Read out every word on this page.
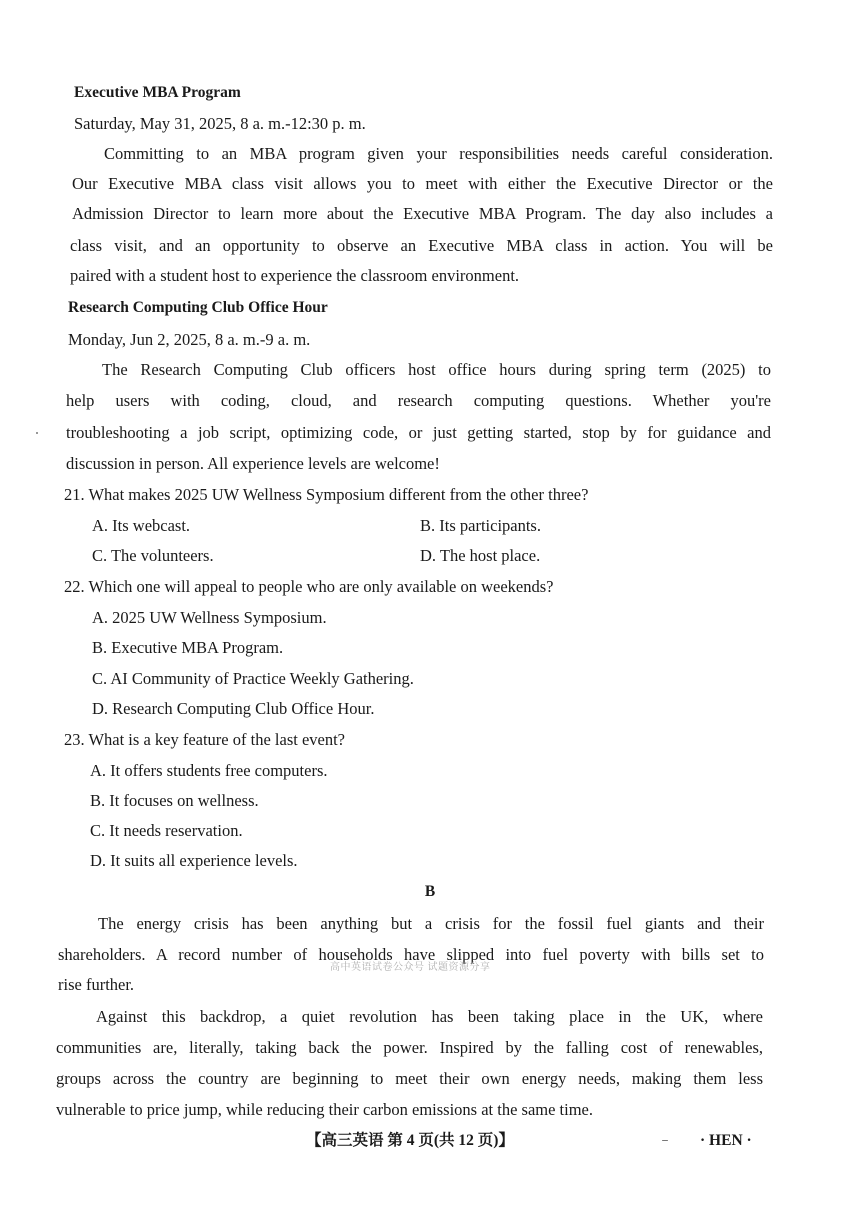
Executive MBA Program
Saturday, May 31, 2025, 8 a. m.-12:30 p. m.
Committing to an MBA program given your responsibilities needs careful consideration.
Our Executive MBA class visit allows you to meet with either the Executive Director or the
Admission Director to learn more about the Executive MBA Program. The day also includes a
class visit, and an opportunity to observe an Executive MBA class in action. You will be
paired with a student host to experience the classroom environment.
Research Computing Club Office Hour
Monday, Jun 2, 2025, 8 a. m.-9 a. m.
The Research Computing Club officers host office hours during spring term (2025) to
help users with coding, cloud, and research computing questions. Whether you're
troubleshooting a job script, optimizing code, or just getting started, stop by for guidance and
discussion in person. All experience levels are welcome!
21. What makes 2025 UW Wellness Symposium different from the other three?
A. Its webcast.	B. Its participants.
C. The volunteers.	D. The host place.
22. Which one will appeal to people who are only available on weekends?
A. 2025 UW Wellness Symposium.
B. Executive MBA Program.
C. AI Community of Practice Weekly Gathering.
D. Research Computing Club Office Hour.
23. What is a key feature of the last event?
A. It offers students free computers.
B. It focuses on wellness.
C. It needs reservation.
D. It suits all experience levels.
B
The energy crisis has been anything but a crisis for the fossil fuel giants and their
shareholders. A record number of households have slipped into fuel poverty with bills set to
rise further.
Against this backdrop, a quiet revolution has been taking place in the UK, where
communities are, literally, taking back the power. Inspired by the falling cost of renewables,
groups across the country are beginning to meet their own energy needs, making them less
vulnerable to price jump, while reducing their carbon emissions at the same time.
高中英语试卷公众号 试题资源分享
【高三英语 第 4 页(共 12 页)】	· HEN ·
